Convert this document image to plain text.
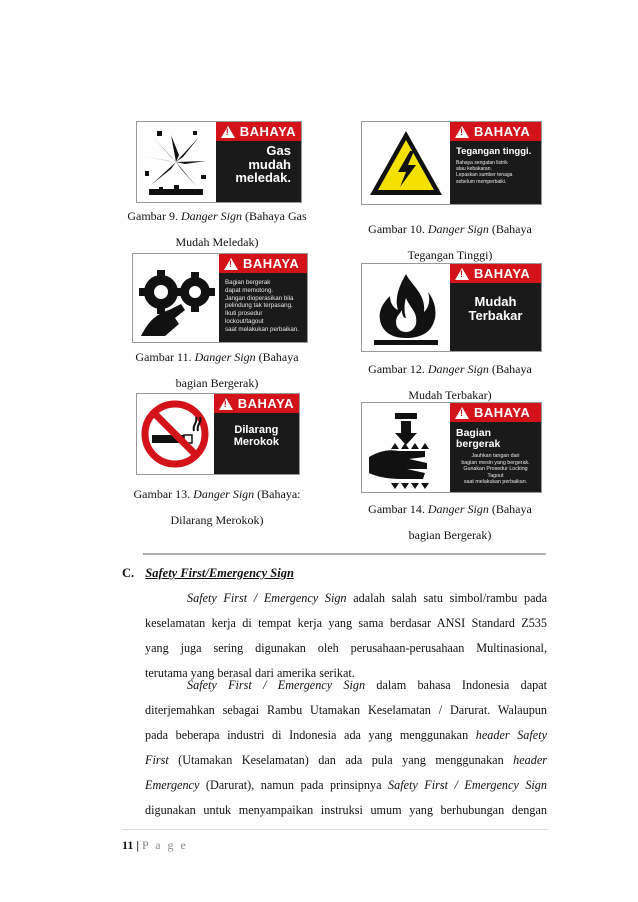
!
BAHAYA
Gas
mudah
meledak.
Gambar 9. Danger Sign (Bahaya Gas
Mudah Meledak)
!
BAHAYA
Tegangan tinggi.
Bahaya sengatan listrik
atau kebakaran.
Lepaskan sumber tenaga
sebelum memperbaiki.
Gambar 10. Danger Sign (Bahaya
Tegangan Tinggi)
!
BAHAYA
Bagian bergerak
dapat memotong.
Jangan dioperasikan bila
pelindung tak terpasang.
Ikuti prosedur lockout/tagout
saat melakukan perbaikan.
Gambar 11. Danger Sign (Bahaya
bagian Bergerak)
!
BAHAYA
Mudah
Terbakar
Gambar 12. Danger Sign (Bahaya
Mudah Terbakar)
!
BAHAYA
Dilarang
Merokok
Gambar 13. Danger Sign (Bahaya:
Dilarang Merokok)
!
BAHAYA
Bagian bergerak
Jauhkan tangan dari
bagian mesin yang bergerak.
Gunakan Prosedur Locking Tagout
saat melakukan perbaikan.
Gambar 14. Danger Sign (Bahaya
bagian Bergerak)
C. Safety First/Emergency Sign
Safety First / Emergency Sign adalah salah satu simbol/rambu pada
keselamatan kerja di tempat kerja yang sama berdasar ANSI Standard Z535
yang juga sering digunakan oleh perusahaan-perusahaan Multinasional,
terutama yang berasal dari amerika serikat.
Safety First / Emergency Sign dalam bahasa Indonesia dapat
diterjemahkan sebagai Rambu Utamakan Keselamatan / Darurat. Walaupun
pada beberapa industri di Indonesia ada yang menggunakan header Safety
First (Utamakan Keselamatan) dan ada pula yang menggunakan header
Emergency (Darurat), namun pada prinsipnya Safety First / Emergency Sign
digunakan untuk menyampaikan instruksi umum yang berhubungan dengan
11 | P a g e
